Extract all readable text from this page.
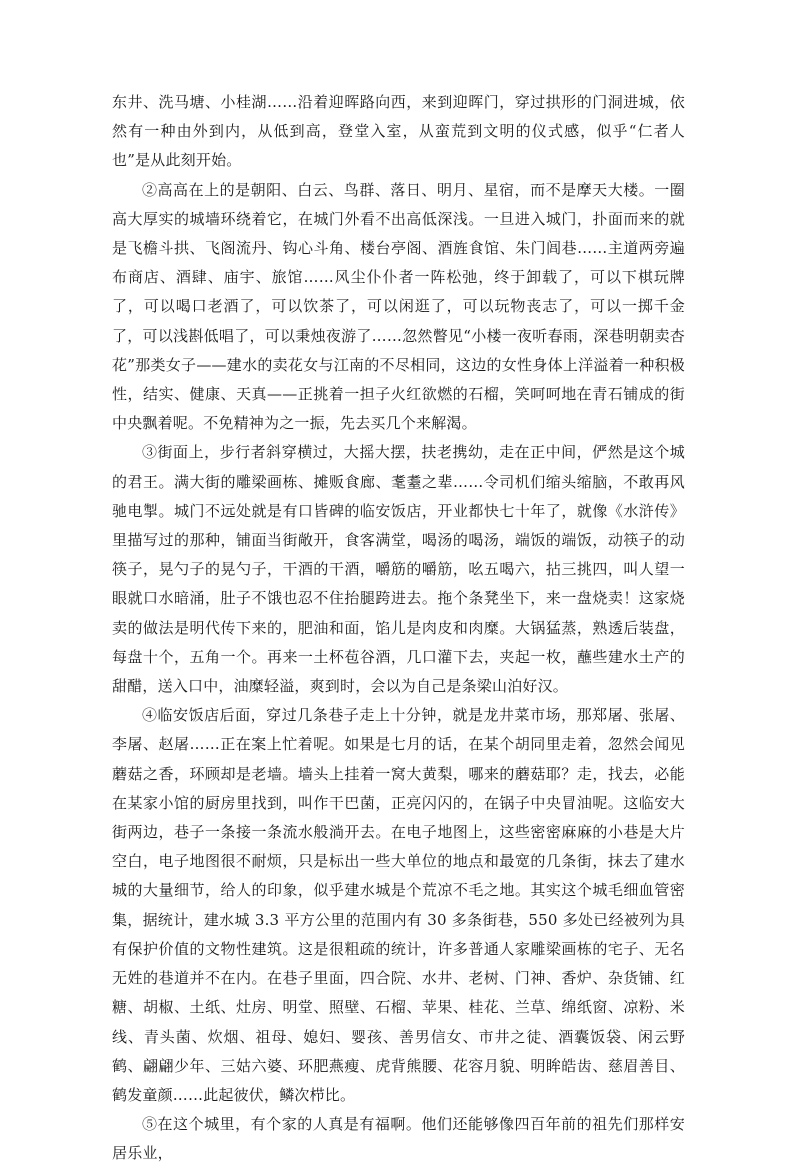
东井、洗马塘、小桂湖……沿着迎晖路向西，来到迎晖门，穿过拱形的门洞进城，依然有一种由外到内，从低到高，登堂入室，从蛮荒到文明的仪式感，似乎“仁者人也”是从此刻开始。

②高高在上的是朝阳、白云、鸟群、落日、明月、星宿，而不是摩天大楼。一圈高大厚实的城墙环绕着它，在城门外看不出高低深浅。一旦进入城门，扑面而来的就是飞檐斗拱、飞阁流丹、钩心斗角、楼台亭阁、酒旌食馆、朱门闾巷……主道两旁遍布商店、酒肆、庙宇、旅馆……风尘仆仆者一阵松弛，终于卸载了，可以下棋玩牌了，可以喝口老酒了，可以饮茶了，可以闲逛了，可以玩物丧志了，可以一掷千金了，可以浅斟低唱了，可以秉烛夜游了……忽然瞥见“小楼一夜听春雨，深巷明朝卖杏花”那类女子——建水的卖花女与江南的不尽相同，这边的女性身体上洋溢着一种积极性，结实、健康、天真——正挑着一担子火红欲燃的石榴，笑呵呵地在青石铺成的街中央飘着呢。不免精神为之一振，先去买几个来解渴。

③街面上，步行者斜穿横过，大摇大摆，扶老携幼，走在正中间，俨然是这个城的君王。满大街的雕梁画栋、摊贩食廊、耄耋之辈……令司机们缩头缩脑，不敢再风驰电掣。城门不远处就是有口皆碑的临安饭店，开业都快七十年了，就像《水浒传》里描写过的那种，铺面当街敞开，食客满堂，喝汤的喝汤，端饭的端饭，动筷子的动筷子，晃勺子的晃勺子，干酒的干酒，嚼筋的嚼筋，吆五喝六，拈三挑四，叫人望一眼就口水暗涌，肚子不饿也忍不住抬腿跨进去。拖个条凳坐下，来一盘烧卖！这家烧卖的做法是明代传下来的，肥油和面，馅儿是肉皮和肉糜。大锅猛蒸，熟透后装盘，每盘十个，五角一个。再来一土杯苞谷酒，几口灌下去，夹起一枚，蘸些建水土产的甜醋，送入口中，油糜轻溢，爽到时，会以为自己是条梁山泊好汉。

④临安饭店后面，穿过几条巷子走上十分钟，就是龙井菜市场，那郑屠、张屠、李屠、赵屠……正在案上忙着呢。如果是七月的话，在某个胡同里走着，忽然会闻见蘑菇之香，环顾却是老墙。墙头上挂着一窝大黄梨，哪来的蘑菇耶？走，找去，必能在某家小馆的厨房里找到，叫作干巴菌，正亮闪闪的，在锅子中央冒油呢。这临安大街两边，巷子一条接一条流水般淌开去。在电子地图上，这些密密麻麻的小巷是大片空白，电子地图很不耐烦，只是标出一些大单位的地点和最宽的几条街，抹去了建水城的大量细节，给人的印象，似乎建水城是个荒凉不毛之地。其实这个城毛细血管密集，据统计，建水城 3.3 平方公里的范围内有 30 多条街巷，550 多处已经被列为具有保护价值的文物性建筑。这是很粗疏的统计，许多普通人家雕梁画栋的宅子、无名无姓的巷道并不在内。在巷子里面，四合院、水井、老树、门神、香炉、杂货铺、红糖、胡椒、土纸、灶房、明堂、照壁、石榴、苹果、桂花、兰草、绵纸窗、凉粉、米线、青头菌、炊烟、祖母、媳妇、婴孩、善男信女、市井之徒、酒囊饭袋、闲云野鹤、翩翩少年、三姑六婆、环肥燕瘦、虎背熊腰、花容月貌、明眸皓齿、慈眉善目、鹤发童颜……此起彼伏，鳞次栉比。

⑤在这个城里，有个家的人真是有福啊。他们还能够像四百年前的祖先们那样安居乐业，
